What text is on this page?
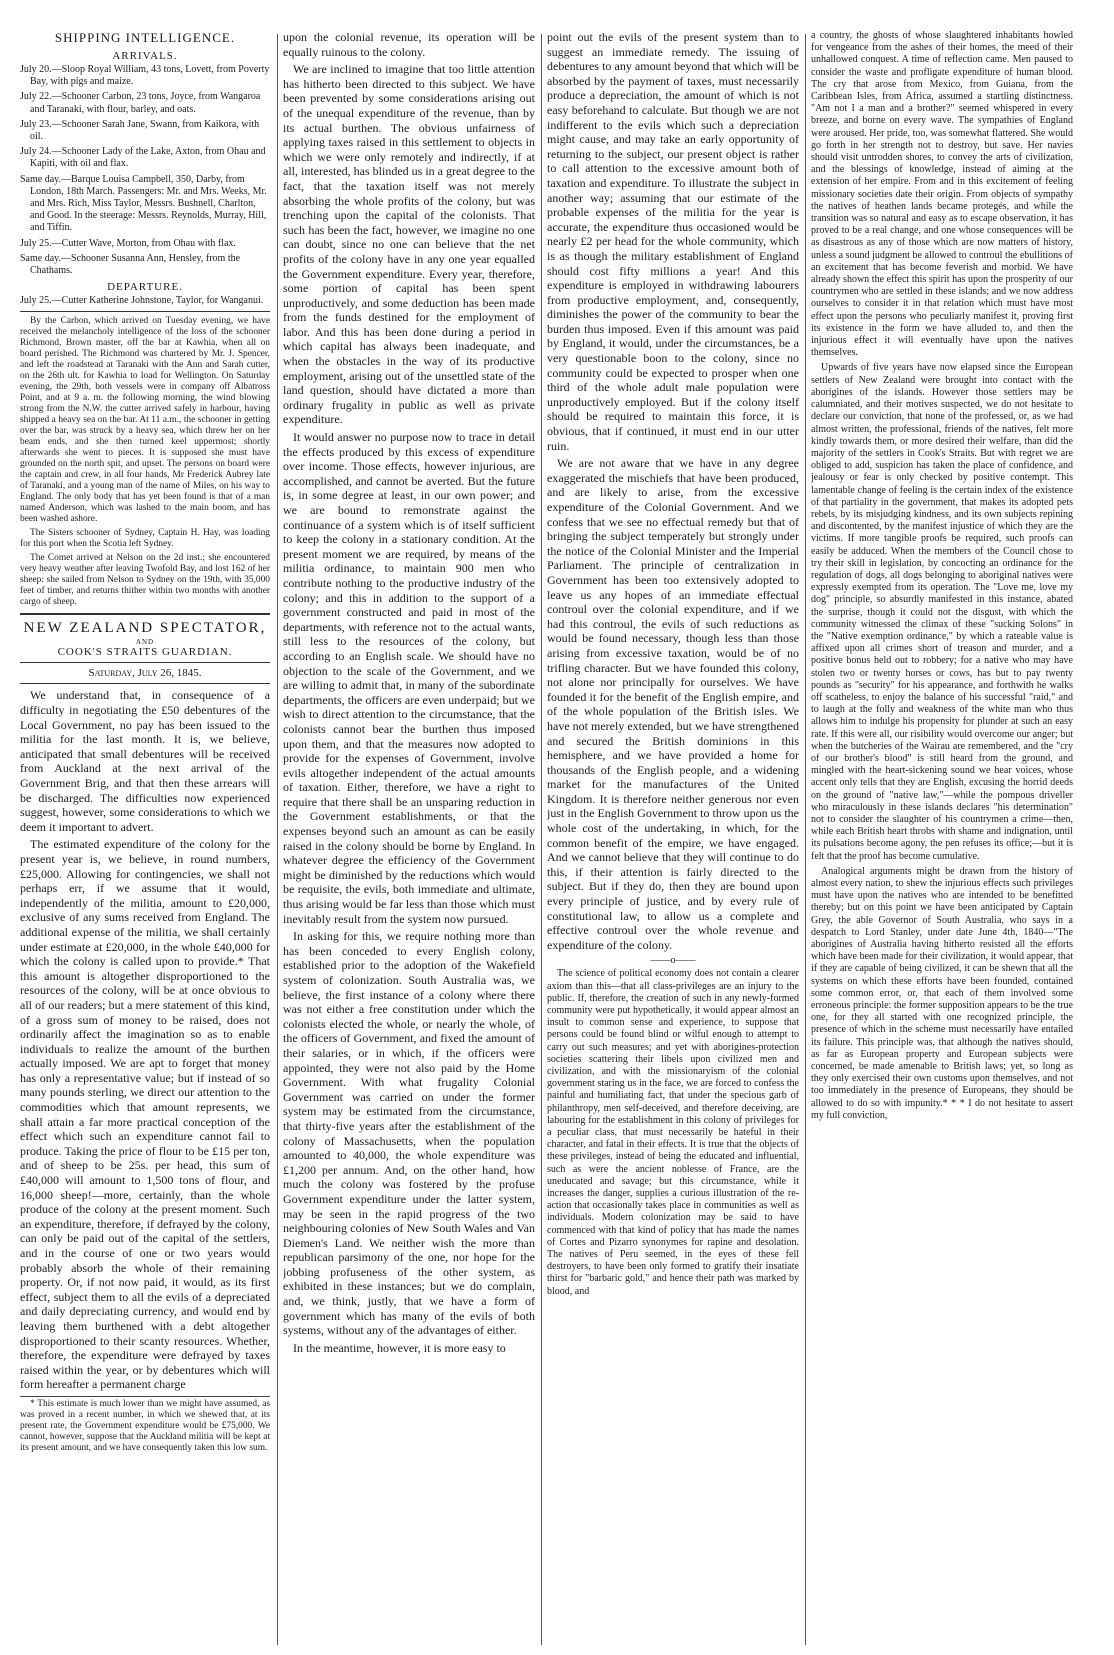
SHIPPING INTELLIGENCE.
ARRIVALS.

July 20.—Sloop Royal William, 43 tons, Lovett, from Poverty Bay, with pigs and maize.

July 22.—Schooner Carbon, 23 tons, Joyce, from Wangaroa and Taranaki, with flour, barley, and oats.

July 23.—Schooner Sarah Jane, Swann, from Kaikora, with oil.

July 24.—Schooner Lady of the Lake, Axton, from Ohau and Kapiti, with oil and flax.

Same day.—Barque Louisa Campbell, 350, Darby, from London, 18th March. Passengers: Mr. and Mrs. Weeks, Mr. and Mrs. Rich, Miss Taylor, Messrs. Bushnell, Charlton, and Good. In the steerage: Messrs. Reynolds, Murray, Hill, and Tiffin.

July 25.—Cutter Wave, Morton, from Ohau with flax.

Same day.—Schooner Susanna Ann, Hensley, from the Chathams.

DEPARTURE.

July 25.—Cutter Katherine Johnstone, Taylor, for Wanganui.

By the Carbon, which arrived on Tuesday evening, we have received the melancholy intelligence of the loss of the schooner Richmond, Brown master, off the bar at Kawhia, when all on board perished. The Richmond was chartered by Mr. J. Spencer, and left the roadstead at Taranaki with the Ann and Sarah cutter, on the 26th ult. for Kawhia to load for Wellington. On Saturday evening, the 29th, both vessels were in company off Albatross Point, and at 9 a. m. the following morning, the wind blowing strong from the N.W. the cutter arrived safely in harbour, having shipped a heavy sea on the bar. At 11 a.m., the schooner in getting over the bar, was struck by a heavy sea, which threw her on her beam ends, and she then turned keel uppermost; shortly afterwards she went to pieces. It is supposed she must have grounded on the north spit, and upset. The persons on board were the captain and crew, in all four hands, Mr Frederick Aubrey late of Taranaki, and a young man of the name of Miles, on his way to England. The only body that has yet been found is that of a man named Anderson, which was lashed to the main boom, and has been washed ashore.

The Sisters schooner of Sydney, Captain H. Hay, was loading for this port when the Scotia left Sydney.

The Comet arrived at Nelson on the 2d inst.; she encountered very heavy weather after leaving Twofold Bay, and lost 162 of her sheep: she sailed from Nelson to Sydney on the 19th, with 35,000 feet of timber, and returns thither within two months with another cargo of sheep.

NEW ZEALAND SPECTATOR,
AND
COOK'S STRAITS GUARDIAN.
Saturday, July 26, 1845.

We understand that, in consequence of a difficulty in negotiating the £50 debentures of the Local Government, no pay has been issued to the militia for the last month. It is, we believe, anticipated that small debentures will be received from Auckland at the next arrival of the Government Brig, and that then these arrears will be discharged. The difficulties now experienced suggest, however, some considerations to which we deem it important to advert.

The estimated expenditure of the colony for the present year is, we believe, in round numbers, £25,000. Allowing for contingencies, we shall not perhaps err, if we assume that it would, independently of the militia, amount to £20,000, exclusive of any sums received from England. The additional expense of the militia, we shall certainly under estimate at £20,000, in the whole £40,000 for which the colony is called upon to provide.* That this amount is altogether disproportioned to the resources of the colony, will be at once obvious to all of our readers; but a mere statement of this kind, of a gross sum of money to be raised, does not ordinarily affect the imagination so as to enable individuals to realize the amount of the burthen actually imposed. We are apt to forget that money has only a representative value; but if instead of so many pounds sterling, we direct our attention to the commodities which that amount represents, we shall attain a far more practical conception of the effect which such an expenditure cannot fail to produce. Taking the price of flour to be £15 per ton, and of sheep to be 25s. per head, this sum of £40,000 will amount to 1,500 tons of flour, and 16,000 sheep!—more, certainly, than the whole produce of the colony at the present moment. Such an expenditure, therefore, if defrayed by the colony, can only be paid out of the capital of the settlers, and in the course of one or two years would probably absorb the whole of their remaining property. Or, if not now paid, it would, as its first effect, subject them to all the evils of a depreciated and daily depreciating currency, and would end by leaving them burthened with a debt altogether disproportioned to their scanty resources. Whether, therefore, the expenditure were defrayed by taxes raised within the year, or by debentures which will form hereafter a permanent charge

* This estimate is much lower than we might have assumed, as was proved in a recent number, in which we shewed that, at its present rate, the Government expenditure would be £75,000. We cannot, however, suppose that the Auckland militia will be kept at its present amount, and we have consequently taken this low sum.

upon the colonial revenue, its operation will be equally ruinous to the colony.

We are inclined to imagine that too little attention has hitherto been directed to this subject. We have been prevented by some considerations arising out of the unequal expenditure of the revenue, than by its actual burthen. The obvious unfairness of applying taxes raised in this settlement to objects in which we were only remotely and indirectly, if at all, interested, has blinded us in a great degree to the fact, that the taxation itself was not merely absorbing the whole profits of the colony, but was trenching upon the capital of the colonists. That such has been the fact, however, we imagine no one can doubt, since no one can believe that the net profits of the colony have in any one year equalled the Government expenditure. Every year, therefore, some portion of capital has been spent unproductively, and some deduction has been made from the funds destined for the employment of labor. And this has been done during a period in which capital has always been inadequate, and when the obstacles in the way of its productive employment, arising out of the unsettled state of the land question, should have dictated a more than ordinary frugality in public as well as private expenditure.

It would answer no purpose now to trace in detail the effects produced by this excess of expenditure over income. Those effects, however injurious, are accomplished, and cannot be averted. But the future is, in some degree at least, in our own power; and we are bound to remonstrate against the continuance of a system which is of itself sufficient to keep the colony in a stationary condition. At the present moment we are required, by means of the militia ordinance, to maintain 900 men who contribute nothing to the productive industry of the colony; and this in addition to the support of a government constructed and paid in most of the departments, with reference not to the actual wants, still less to the resources of the colony, but according to an English scale. We should have no objection to the scale of the Government, and we are willing to admit that, in many of the subordinate departments, the officers are even underpaid; but we wish to direct attention to the circumstance, that the colonists cannot bear the burthen thus imposed upon them, and that the measures now adopted to provide for the expenses of Government, involve evils altogether independent of the actual amounts of taxation. Either, therefore, we have a right to require that there shall be an unsparing reduction in the Government establishments, or that the expenses beyond such an amount as can be easily raised in the colony should be borne by England. In whatever degree the efficiency of the Government might be diminished by the reductions which would be requisite, the evils, both immediate and ultimate, thus arising would be far less than those which must inevitably result from the system now pursued.

In asking for this, we require nothing more than has been conceded to every English colony, established prior to the adoption of the Wakefield system of colonization. South Australia was, we believe, the first instance of a colony where there was not either a free constitution under which the colonists elected the whole, or nearly the whole, of the officers of Government, and fixed the amount of their salaries, or in which, if the officers were appointed, they were not also paid by the Home Government. With what frugality Colonial Government was carried on under the former system may be estimated from the circumstance, that thirty-five years after the establishment of the colony of Massachusetts, when the population amounted to 40,000, the whole expenditure was £1,200 per annum. And, on the other hand, how much the colony was fostered by the profuse Government expenditure under the latter system, may be seen in the rapid progress of the two neighbouring colonies of New South Wales and Van Diemen's Land. We neither wish the more than republican parsimony of the one, nor hope for the jobbing profuseness of the other system, as exhibited in these instances; but we do complain, and, we think, justly, that we have a form of government which has many of the evils of both systems, without any of the advantages of either.

In the meantime, however, it is more easy to

point out the evils of the present system than to suggest an immediate remedy. The issuing of debentures to any amount beyond that which will be absorbed by the payment of taxes, must necessarily produce a depreciation, the amount of which is not easy beforehand to calculate. But though we are not indifferent to the evils which such a depreciation might cause, and may take an early opportunity of returning to the subject, our present object is rather to call attention to the excessive amount both of taxation and expenditure. To illustrate the subject in another way; assuming that our estimate of the probable expenses of the militia for the year is accurate, the expenditure thus occasioned would be nearly £2 per head for the whole community, which is as though the military establishment of England should cost fifty millions a year! And this expenditure is employed in withdrawing labourers from productive employment, and, consequently, diminishes the power of the community to bear the burden thus imposed. Even if this amount was paid by England, it would, under the circumstances, be a very questionable boon to the colony, since no community could be expected to prosper when one third of the whole adult male population were unproductively employed. But if the colony itself should be required to maintain this force, it is obvious, that if continued, it must end in our utter ruin.

We are not aware that we have in any degree exaggerated the mischiefs that have been produced, and are likely to arise, from the excessive expenditure of the Colonial Government. And we confess that we see no effectual remedy but that of bringing the subject temperately but strongly under the notice of the Colonial Minister and the Imperial Parliament. The principle of centralization in Government has been too extensively adopted to leave us any hopes of an immediate effectual controul over the colonial expenditure, and if we had this controul, the evils of such reductions as would be found necessary, though less than those arising from excessive taxation, would be of no trifling character. But we have founded this colony, not alone nor principally for ourselves. We have founded it for the benefit of the English empire, and of the whole population of the British isles. We have not merely extended, but we have strengthened and secured the British dominions in this hemisphere, and we have provided a home for thousands of the English people, and a widening market for the manufactures of the United Kingdom. It is therefore neither generous nor even just in the English Government to throw upon us the whole cost of the undertaking, in which, for the common benefit of the empire, we have engaged. And we cannot believe that they will continue to do this, if their attention is fairly directed to the subject. But if they do, then they are bound upon every principle of justice, and by every rule of constitutional law, to allow us a complete and effective controul over the whole revenue and expenditure of the colony.

——o——

The science of political economy does not contain a clearer axiom than this—that all class-privileges are an injury to the public. If, therefore, the creation of such in any newly-formed community were put hypothetically, it would appear almost an insult to common sense and experience, to suppose that persons could be found blind or wilful enough to attempt to carry out such measures; and yet with aborigines-protection societies scattering their libels upon civilized men and civilization, and with the missionaryism of the colonial government staring us in the face, we are forced to confess the painful and humiliating fact, that under the specious garb of philanthropy, men self-deceived, and therefore deceiving, are labouring for the establishment in this colony of privileges for a peculiar class, that must necessarily be hateful in their character, and fatal in their effects. It is true that the objects of these privileges, instead of being the educated and influential, such as were the ancient noblesse of France, are the uneducated and savage; but this circumstance, while it increases the danger, supplies a curious illustration of the re-action that occasionally takes place in communities as well as individuals. Modern colonization may be said to have commenced with that kind of policy that has made the names of Cortes and Pizarro synonymes for rapine and desolation. The natives of Peru seemed, in the eyes of these fell destroyers, to have been only formed to gratify their insatiate thirst for "barbaric gold," and hence their path was marked by blood, and

a country, the ghosts of whose slaughtered inhabitants howled for vengeance from the ashes of their homes, the meed of their unhallowed conquest. A time of reflection came. Men paused to consider the waste and profligate expenditure of human blood. The cry that arose from Mexico, from Guiana, from the Caribbean Isles, from Africa, assumed a startling distinctness. "Am not I a man and a brother?" seemed whispered in every breeze, and borne on every wave. The sympathies of England were aroused. Her pride, too, was somewhat flattered. She would go forth in her strength not to destroy, but save. Her navies should visit untrodden shores, to convey the arts of civilization, and the blessings of knowledge, instead of aiming at the extension of her empire. From and in this excitement of feeling missionary societies date their origin. From objects of sympathy the natives of heathen lands became protegés, and while the transition was so natural and easy as to escape observation, it has proved to be a real change, and one whose consequences will be as disastrous as any of those which are now matters of history, unless a sound judgment be allowed to controul the ebullitions of an excitement that has become feverish and morbid. We have already shown the effect this spirit has upon the prosperity of our countrymen who are settled in these islands; and we now address ourselves to consider it in that relation which must have most effect upon the persons who peculiarly manifest it, proving first its existence in the form we have alluded to, and then the injurious effect it will eventually have upon the natives themselves.

Upwards of five years have now elapsed since the European settlers of New Zealand were brought into contact with the aborigines of the islands. However those settlers may be calumniated, and their motives suspected, we do not hesitate to declare our conviction, that none of the professed, or, as we had almost written, the professional, friends of the natives, felt more kindly towards them, or more desired their welfare, than did the majority of the settlers in Cook's Straits. But with regret we are obliged to add, suspicion has taken the place of confidence, and jealousy or fear is only checked by positive contempt. This lamentable change of feeling is the certain index of the existence of that partiality in the government, that makes its adopted pets rebels, by its misjudging kindness, and its own subjects repining and discontented, by the manifest injustice of which they are the victims. If more tangible proofs be required, such proofs can easily be adduced. When the members of the Council chose to try their skill in legislation, by concocting an ordinance for the regulation of dogs, all dogs belonging to aboriginal natives were expressly exempted from its operation. The "Love me, love my dog" principle, so absurdly manifested in this instance, abated the surprise, though it could not the disgust, with which the community witnessed the climax of these "sucking Solons" in the "Native exemption ordinance," by which a rateable value is affixed upon all crimes short of treason and murder, and a positive bonus held out to robbery; for a native who may have stolen two or twenty horses or cows, has but to pay twenty pounds as "security" for his appearance, and forthwith he walks off scatheless, to enjoy the balance of his successful "raid," and to laugh at the folly and weakness of the white man who thus allows him to indulge his propensity for plunder at such an easy rate. If this were all, our risibility would overcome our anger; but when the butcheries of the Wairau are remembered, and the "cry of our brother's blood" is still heard from the ground, and mingled with the heart-sickening sound we hear voices, whose accent only tells that they are English, excusing the horrid deeds on the ground of "native law,"—while the pompous driveller who miraculously in these islands declares "his determination" not to consider the slaughter of his countrymen a crime—then, while each British heart throbs with shame and indignation, until its pulsations become agony, the pen refuses its office;—but it is felt that the proof has become cumulative.

Analogical arguments might be drawn from the history of almost every nation, to shew the injurious effects such privileges must have upon the natives who are intended to be benefitted thereby; but on this point we have been anticipated by Captain Grey, the able Governor of South Australia, who says in a despatch to Lord Stanley, under date June 4th, 1840—"The aborigines of Australia having hitherto resisted all the efforts which have been made for their civilization, it would appear, that if they are capable of being civilized, it can be shewn that all the systems on which these efforts have been founded, contained some common error, or, that each of them involved some erroneous principle: the former supposition appears to be the true one, for they all started with one recognized principle, the presence of which in the scheme must necessarily have entailed its failure. This principle was, that although the natives should, as far as European property and European subjects were concerned, be made amenable to British laws; yet, so long as they only exercised their own customs upon themselves, and not too immediately in the presence of Europeans, they should be allowed to do so with impunity.* * * I do not hesitate to assert my full conviction,
